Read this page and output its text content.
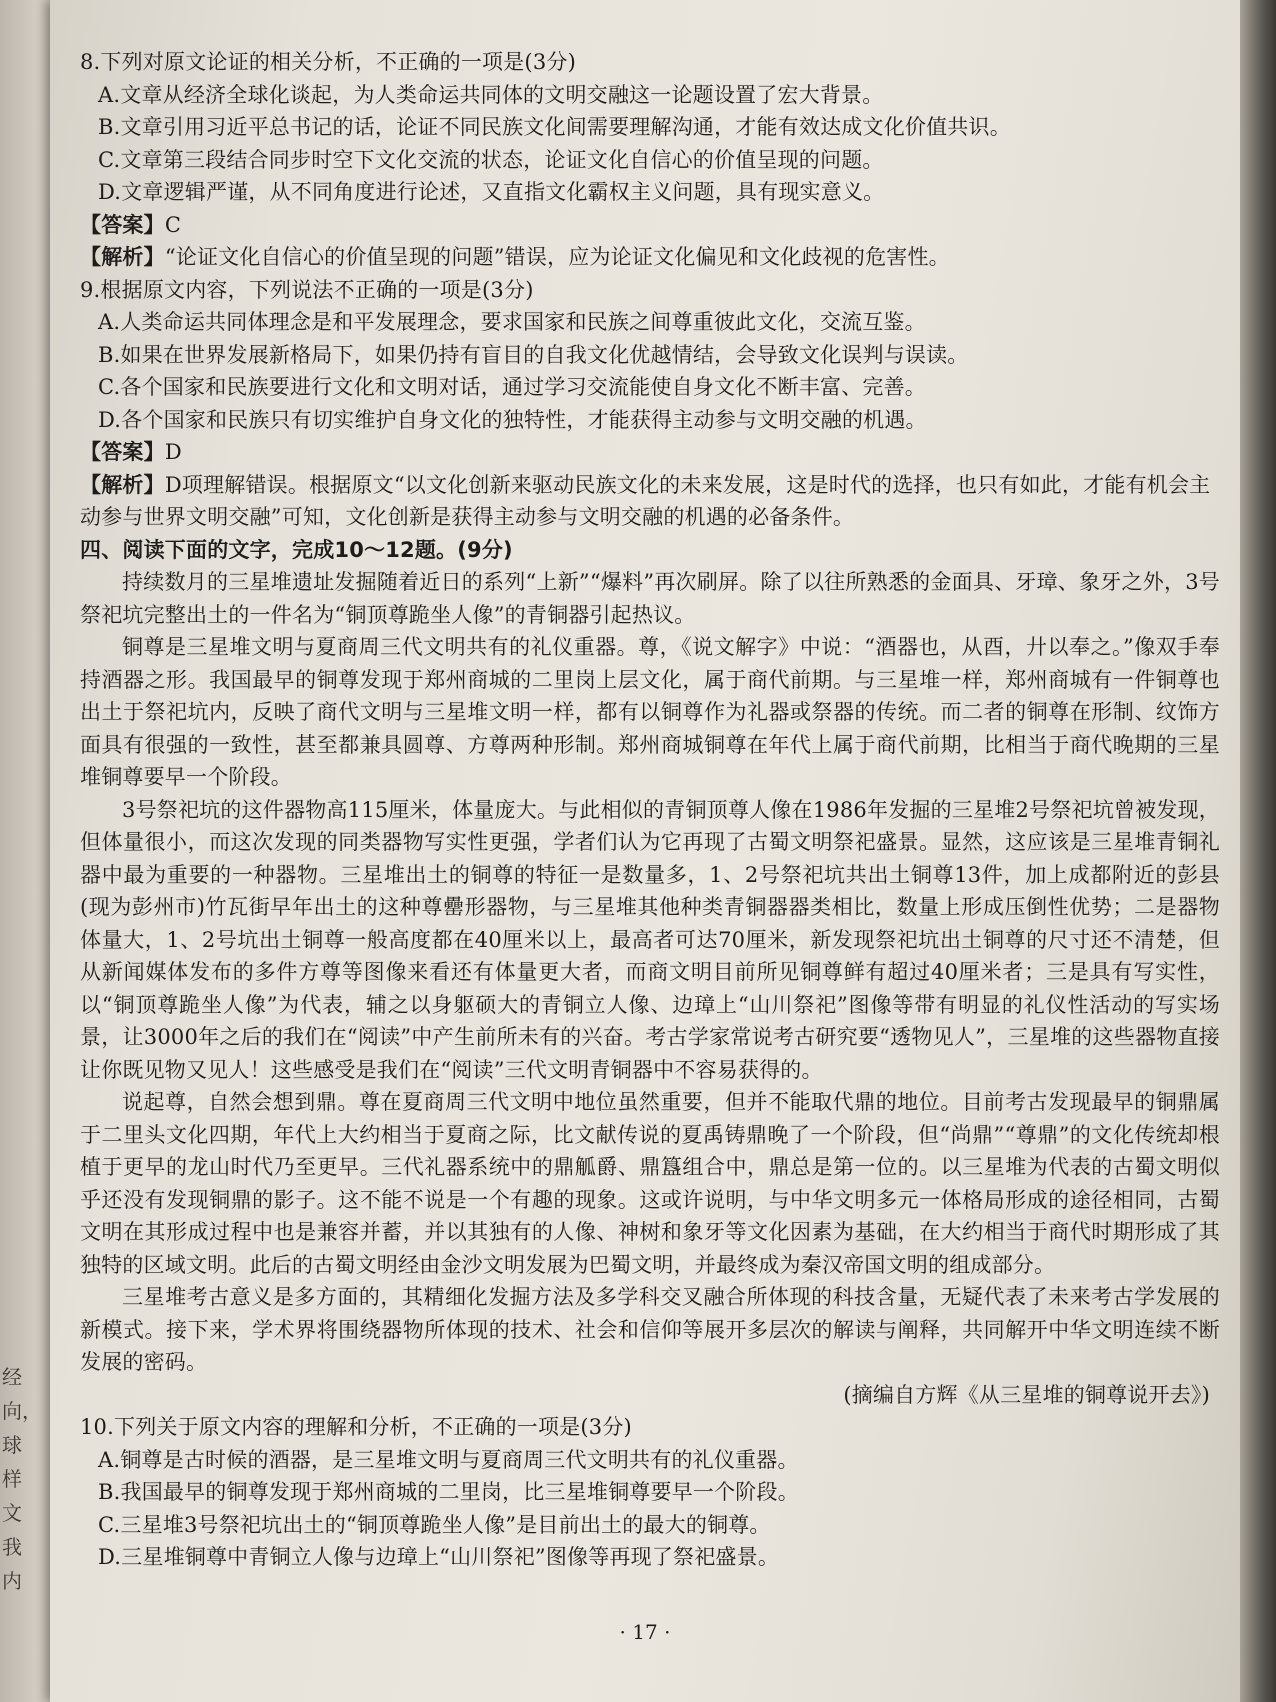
经
向，
球
样
文
我
内
8.下列对原文论证的相关分析，不正确的一项是(3分)
A.文章从经济全球化谈起，为人类命运共同体的文明交融这一论题设置了宏大背景。
B.文章引用习近平总书记的话，论证不同民族文化间需要理解沟通，才能有效达成文化价值共识。
C.文章第三段结合同步时空下文化交流的状态，论证文化自信心的价值呈现的问题。
D.文章逻辑严谨，从不同角度进行论述，又直指文化霸权主义问题，具有现实意义。
【答案】C
【解析】“论证文化自信心的价值呈现的问题”错误，应为论证文化偏见和文化歧视的危害性。
9.根据原文内容，下列说法不正确的一项是(3分)
A.人类命运共同体理念是和平发展理念，要求国家和民族之间尊重彼此文化，交流互鉴。
B.如果在世界发展新格局下，如果仍持有盲目的自我文化优越情结，会导致文化误判与误读。
C.各个国家和民族要进行文化和文明对话，通过学习交流能使自身文化不断丰富、完善。
D.各个国家和民族只有切实维护自身文化的独特性，才能获得主动参与文明交融的机遇。
【答案】D
【解析】D项理解错误。根据原文“以文化创新来驱动民族文化的未来发展，这是时代的选择，也只有如此，才能有机会主动参与世界文明交融”可知，文化创新是获得主动参与文明交融的机遇的必备条件。
四、阅读下面的文字，完成10～12题。(9分)
持续数月的三星堆遗址发掘随着近日的系列“上新”“爆料”再次刷屏。除了以往所熟悉的金面具、牙璋、象牙之外，3号祭祀坑完整出土的一件名为“铜顶尊跪坐人像”的青铜器引起热议。
铜尊是三星堆文明与夏商周三代文明共有的礼仪重器。尊，《说文解字》中说：“酒器也，从酉，廾以奉之。”像双手奉持酒器之形。我国最早的铜尊发现于郑州商城的二里岗上层文化，属于商代前期。与三星堆一样，郑州商城有一件铜尊也出土于祭祀坑内，反映了商代文明与三星堆文明一样，都有以铜尊作为礼器或祭器的传统。而二者的铜尊在形制、纹饰方面具有很强的一致性，甚至都兼具圆尊、方尊两种形制。郑州商城铜尊在年代上属于商代前期，比相当于商代晚期的三星堆铜尊要早一个阶段。
3号祭祀坑的这件器物高115厘米，体量庞大。与此相似的青铜顶尊人像在1986年发掘的三星堆2号祭祀坑曾被发现，但体量很小，而这次发现的同类器物写实性更强，学者们认为它再现了古蜀文明祭祀盛景。显然，这应该是三星堆青铜礼器中最为重要的一种器物。三星堆出土的铜尊的特征一是数量多，1、2号祭祀坑共出土铜尊13件，加上成都附近的彭县(现为彭州市)竹瓦街早年出土的这种尊罍形器物，与三星堆其他种类青铜器器类相比，数量上形成压倒性优势；二是器物体量大，1、2号坑出土铜尊一般高度都在40厘米以上，最高者可达70厘米，新发现祭祀坑出土铜尊的尺寸还不清楚，但从新闻媒体发布的多件方尊等图像来看还有体量更大者，而商文明目前所见铜尊鲜有超过40厘米者；三是具有写实性，以“铜顶尊跪坐人像”为代表，辅之以身躯硕大的青铜立人像、边璋上“山川祭祀”图像等带有明显的礼仪性活动的写实场景，让3000年之后的我们在“阅读”中产生前所未有的兴奋。考古学家常说考古研究要“透物见人”，三星堆的这些器物直接让你既见物又见人！这些感受是我们在“阅读”三代文明青铜器中不容易获得的。
说起尊，自然会想到鼎。尊在夏商周三代文明中地位虽然重要，但并不能取代鼎的地位。目前考古发现最早的铜鼎属于二里头文化四期，年代上大约相当于夏商之际，比文献传说的夏禹铸鼎晚了一个阶段，但“尚鼎”“尊鼎”的文化传统却根植于更早的龙山时代乃至更早。三代礼器系统中的鼎觚爵、鼎簋组合中，鼎总是第一位的。以三星堆为代表的古蜀文明似乎还没有发现铜鼎的影子。这不能不说是一个有趣的现象。这或许说明，与中华文明多元一体格局形成的途径相同，古蜀文明在其形成过程中也是兼容并蓄，并以其独有的人像、神树和象牙等文化因素为基础，在大约相当于商代时期形成了其独特的区域文明。此后的古蜀文明经由金沙文明发展为巴蜀文明，并最终成为秦汉帝国文明的组成部分。
三星堆考古意义是多方面的，其精细化发掘方法及多学科交叉融合所体现的科技含量，无疑代表了未来考古学发展的新模式。接下来，学术界将围绕器物所体现的技术、社会和信仰等展开多层次的解读与阐释，共同解开中华文明连续不断发展的密码。
(摘编自方辉《从三星堆的铜尊说开去》)
10.下列关于原文内容的理解和分析，不正确的一项是(3分)
A.铜尊是古时候的酒器，是三星堆文明与夏商周三代文明共有的礼仪重器。
B.我国最早的铜尊发现于郑州商城的二里岗，比三星堆铜尊要早一个阶段。
C.三星堆3号祭祀坑出土的“铜顶尊跪坐人像”是目前出土的最大的铜尊。
D.三星堆铜尊中青铜立人像与边璋上“山川祭祀”图像等再现了祭祀盛景。
· 17 ·
